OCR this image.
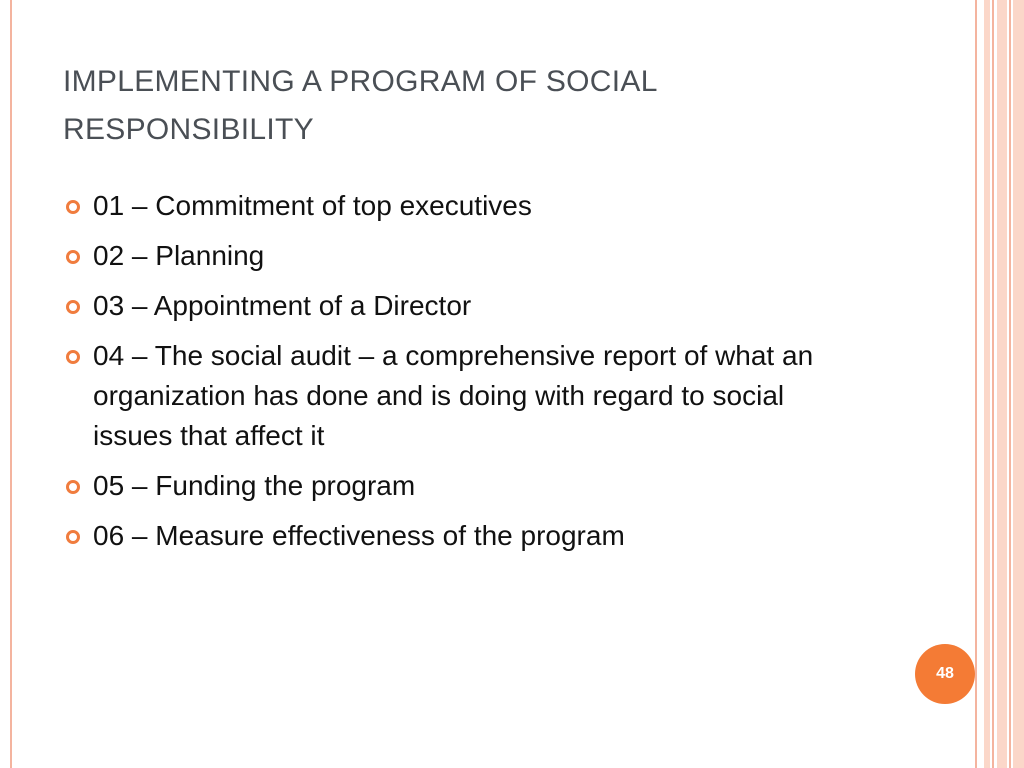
IMPLEMENTING A PROGRAM OF SOCIAL
RESPONSIBILITY
01 – Commitment of top executives
02 – Planning
03 – Appointment of a Director
04 – The social audit – a comprehensive report of what an organization has done and is doing with regard to social issues that affect it
05 – Funding the program
06 – Measure effectiveness of the program
48
